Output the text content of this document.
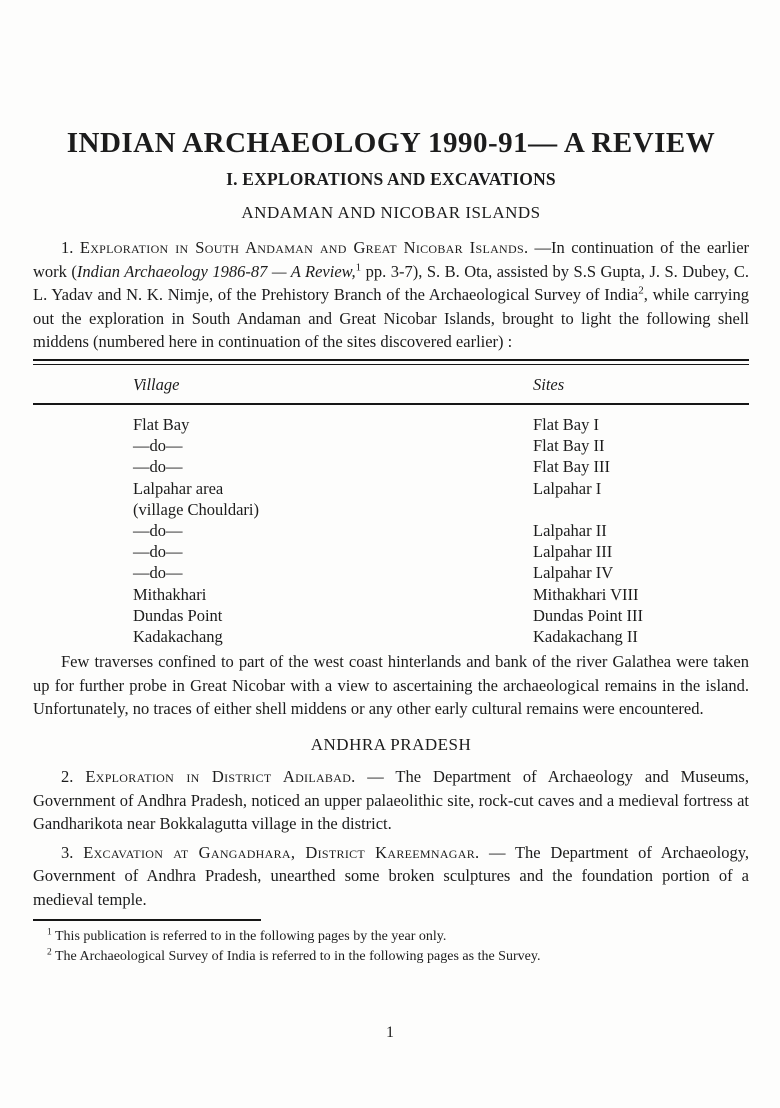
INDIAN ARCHAEOLOGY 1990-91— A REVIEW
I. EXPLORATIONS AND EXCAVATIONS
ANDAMAN AND NICOBAR ISLANDS

1. Exploration in South Andaman and Great Nicobar Islands. —In continuation of the earlier work (Indian Archaeology 1986-87 — A Review,$^1$ pp. 3-7), S. B. Ota, assisted by S.S Gupta, J. S. Dubey, C. L. Yadav and N. K. Nimje, of the Prehistory Branch of the Archaeological Survey of India$^2$, while carrying out the exploration in South Andaman and Great Nicobar Islands, brought to light the following shell middens (numbered here in continuation of the sites discovered earlier) :

Village	Sites
Flat Bay	Flat Bay I
—do—	Flat Bay II
—do—	Flat Bay III
Lalpahar area	Lalpahar I
(village Chouldari)
—do—	Lalpahar II
—do—	Lalpahar III
—do—	Lalpahar IV
Mithakhari	Mithakhari VIII
Dundas Point	Dundas Point III
Kadakachang	Kadakachang II

Few traverses confined to part of the west coast hinterlands and bank of the river Galathea were taken up for further probe in Great Nicobar with a view to ascertaining the archaeological remains in the island. Unfortunately, no traces of either shell middens or any other early cultural remains were encountered.

ANDHRA PRADESH

2. Exploration in District Adilabad. — The Department of Archaeology and Museums, Government of Andhra Pradesh, noticed an upper palaeolithic site, rock-cut caves and a medieval fortress at Gandharikota near Bokkalagutta village in the district.

3. Excavation at Gangadhara, District Kareemnagar. — The Department of Archaeology, Government of Andhra Pradesh, unearthed some broken sculptures and the foundation portion of a medieval temple.

$^1$ This publication is referred to in the following pages by the year only.
$^2$ The Archaeological Survey of India is referred to in the following pages as the Survey.
1
